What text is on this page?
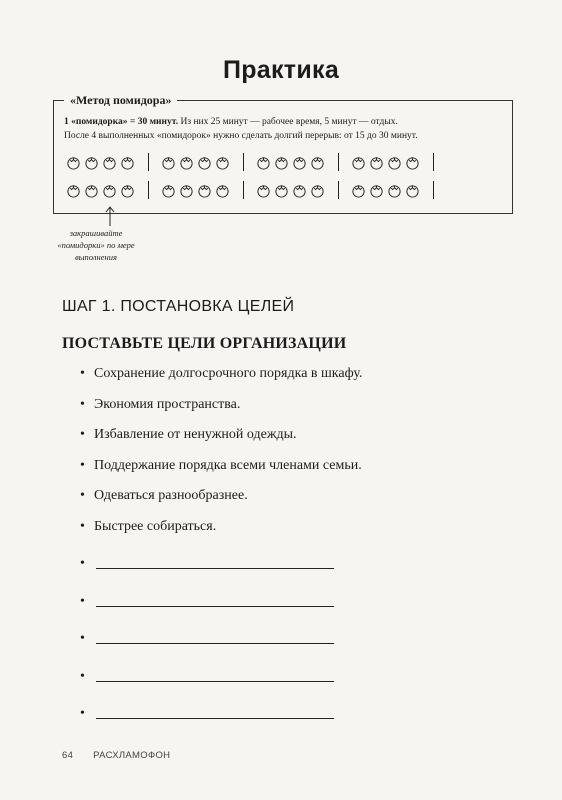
Практика
«Метод помидора»
1 «помидорка» = 30 минут. Из них 25 минут — рабочее время, 5 минут — отдых.
После 4 выполненных «помидорок» нужно сделать долгий перерыв: от 15 до 30 минут.
закрашивайте
«помидорки» по мере
выполнения
ШАГ 1. ПОСТАНОВКА ЦЕЛЕЙ
ПОСТАВЬТЕ ЦЕЛИ ОРГАНИЗАЦИИ
• Сохранение долгосрочного порядка в шкафу.
• Экономия пространства.
• Избавление от ненужной одежды.
• Поддержание порядка всеми членами семьи.
• Одеваться разнообразнее.
• Быстрее собираться.
•
•
•
•
•
64 РАСХЛАМОФОН
